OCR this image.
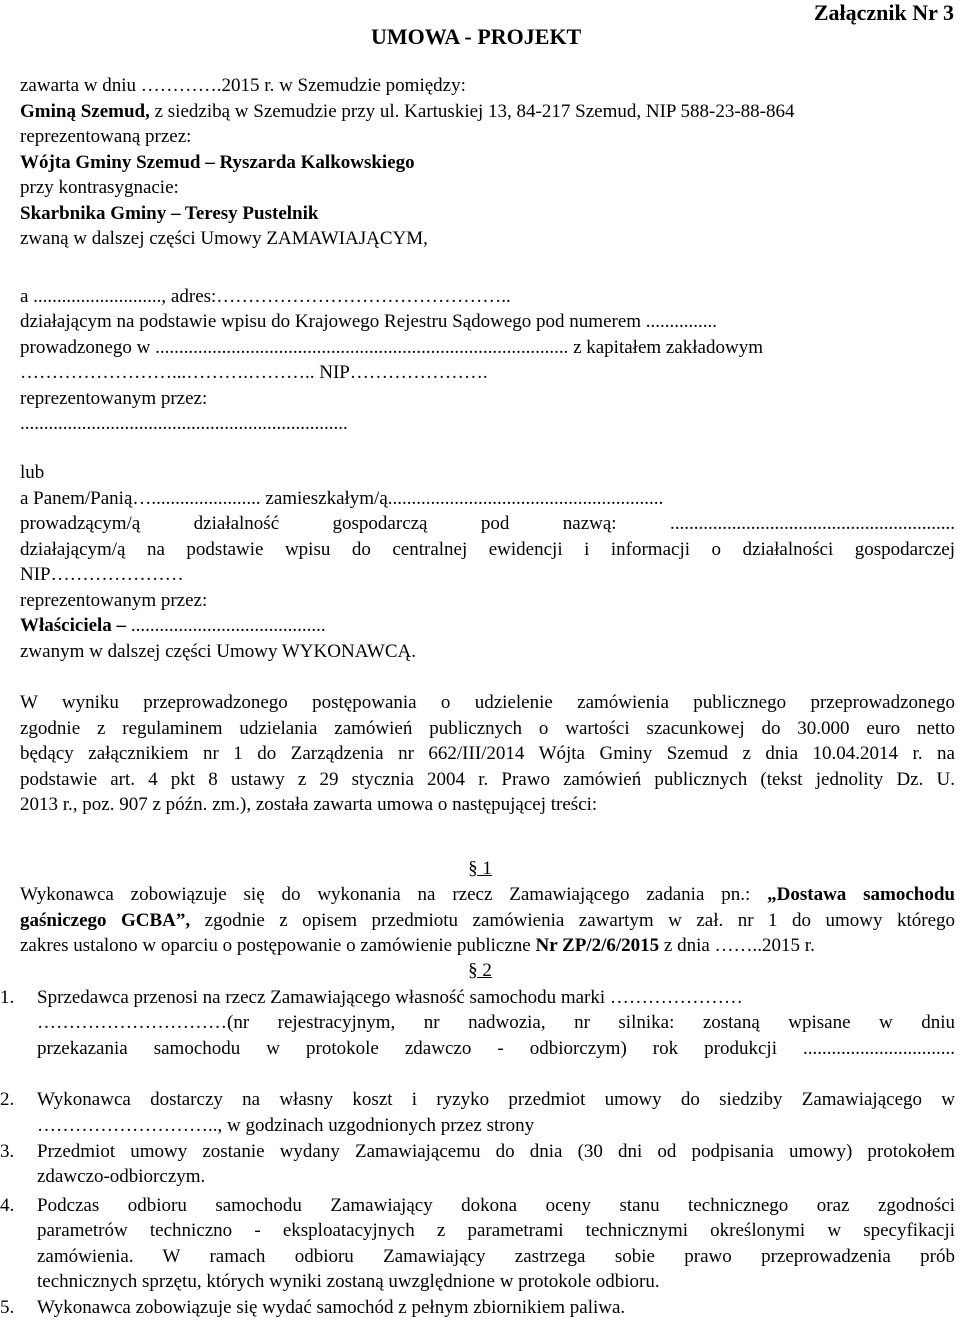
Załącznik Nr 3
UMOWA - PROJEKT
zawarta w dniu ………….2015 r. w Szemudzie pomiędzy:
Gminą Szemud, z siedzibą w Szemudzie przy ul. Kartuskiej 13, 84-217 Szemud, NIP 588-23-88-864
reprezentowaną przez:
Wójta Gminy Szemud – Ryszarda Kalkowskiego
przy kontrasygnacie:
Skarbnika Gminy – Teresy Pustelnik
zwaną w dalszej części Umowy ZAMAWIAJĄCYM,
a ..........................., adres:………………………………………..
działającym na podstawie wpisu do Krajowego Rejestru Sądowego pod numerem ...............
prowadzonego w ....................................................................................... z kapitałem zakładowym
……………………...……….……….. NIP………………….
reprezentowanym przez:
.....................................................................
lub
a Panem/Panią…....................... zamieszkałym/ą..........................................................
prowadzącym/ą działalność gospodarczą pod nazwą: ............................................................
działającym/ą na podstawie wpisu do centralnej ewidencji i informacji o działalności gospodarczej
NIP…………………
reprezentowanym przez:
Właściciela – .........................................
zwanym w dalszej części Umowy WYKONAWCĄ.
W wyniku przeprowadzonego postępowania o udzielenie zamówienia publicznego przeprowadzonego
zgodnie z regulaminem udzielania zamówień publicznych o wartości szacunkowej do 30.000 euro netto
będący załącznikiem nr 1 do Zarządzenia nr 662/III/2014 Wójta Gminy Szemud z dnia 10.04.2014 r. na
podstawie art. 4 pkt 8 ustawy z 29 stycznia 2004 r. Prawo zamówień publicznych (tekst jednolity Dz. U.
2013 r., poz. 907 z późn. zm.), została zawarta umowa o następującej treści:
§ 1
Wykonawca zobowiązuje się do wykonania na rzecz Zamawiającego zadania pn.: „Dostawa samochodu
gaśniczego GCBA”, zgodnie z opisem przedmiotu zamówienia zawartym w zał. nr 1 do umowy którego
zakres ustalono w oparciu o postępowanie o zamówienie publiczne Nr ZP/2/6/2015 z dnia ……..2015 r.
§ 2
1.	Sprzedawca przenosi na rzecz Zamawiającego własność samochodu marki …………………
…………………………(nr rejestracyjnym, nr nadwozia, nr silnika: zostaną wpisane w dniu
przekazania samochodu w protokole zdawczo - odbiorczym) rok produkcji ................................
2.	Wykonawca dostarczy na własny koszt i ryzyko przedmiot umowy do siedziby Zamawiającego w
……………………….., w godzinach uzgodnionych przez strony
3.	Przedmiot umowy zostanie wydany Zamawiającemu do dnia (30 dni od podpisania umowy) protokołem
zdawczo-odbiorczym.
4.	Podczas odbioru samochodu Zamawiający dokona oceny stanu technicznego oraz zgodności
parametrów techniczno - eksploatacyjnych z parametrami technicznymi określonymi w specyfikacji
zamówienia. W ramach odbioru Zamawiający zastrzega sobie prawo przeprowadzenia prób
technicznych sprzętu, których wyniki zostaną uwzględnione w protokole odbioru.
5.	Wykonawca zobowiązuje się wydać samochód z pełnym zbiornikiem paliwa.
